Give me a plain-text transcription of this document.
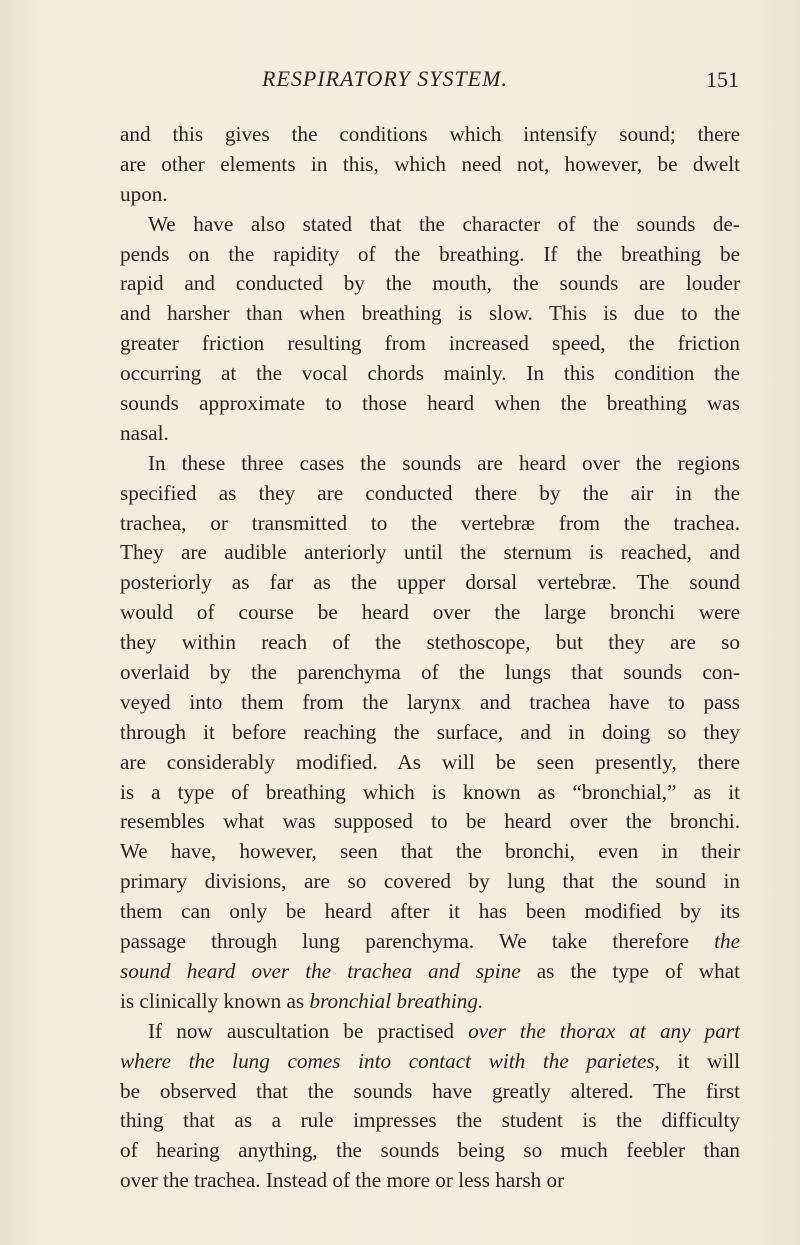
RESPIRATORY SYSTEM.	151
and this gives the conditions which intensify sound; there
are other elements in this, which need not, however, be dwelt
upon.
We have also stated that the character of the sounds de-
pends on the rapidity of the breathing. If the breathing be
rapid and conducted by the mouth, the sounds are louder
and harsher than when breathing is slow. This is due to the
greater friction resulting from increased speed, the friction
occurring at the vocal chords mainly. In this condition the
sounds approximate to those heard when the breathing was
nasal.
In these three cases the sounds are heard over the regions
specified as they are conducted there by the air in the
trachea, or transmitted to the vertebræ from the trachea.
They are audible anteriorly until the sternum is reached, and
posteriorly as far as the upper dorsal vertebræ. The sound
would of course be heard over the large bronchi were
they within reach of the stethoscope, but they are so
overlaid by the parenchyma of the lungs that sounds con-
veyed into them from the larynx and trachea have to pass
through it before reaching the surface, and in doing so they
are considerably modified. As will be seen presently, there
is a type of breathing which is known as “bronchial,” as it
resembles what was supposed to be heard over the bronchi.
We have, however, seen that the bronchi, even in their
primary divisions, are so covered by lung that the sound in
them can only be heard after it has been modified by its
passage through lung parenchyma. We take therefore the
sound heard over the trachea and spine as the type of what
is clinically known as bronchial breathing.
If now auscultation be practised over the thorax at any part
where the lung comes into contact with the parietes, it will
be observed that the sounds have greatly altered. The first
thing that as a rule impresses the student is the difficulty
of hearing anything, the sounds being so much feebler than
over the trachea. Instead of the more or less harsh or
